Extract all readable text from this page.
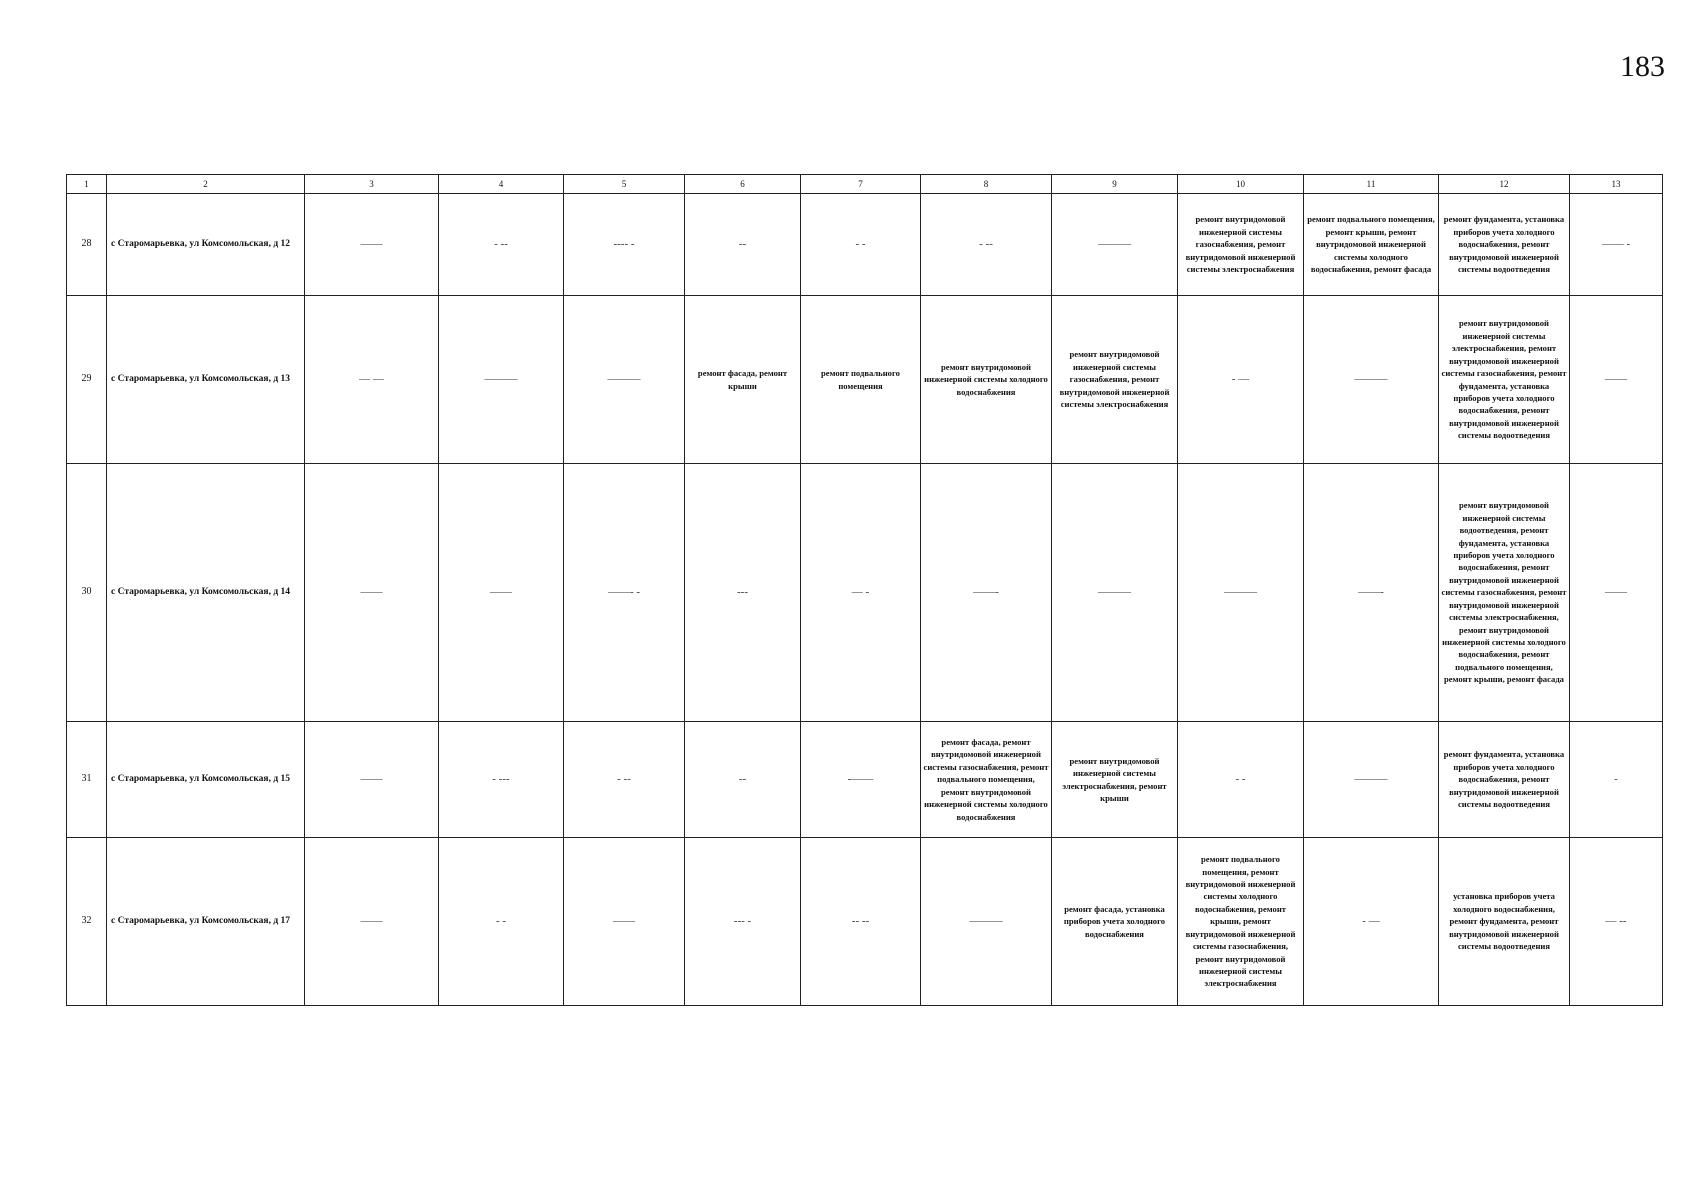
183
1	2	3	4	5	6	7	8	9	10	11	12	13
28	с Старомарьевка, ул Комсомольская, д 12	——	- --	---- -	--	- -	- --	———	ремонт внутридомовой инженерной системы газоснабжения, ремонт внутридомовой инженерной системы электроснабжения	ремонт подвального помещения, ремонт крыши, ремонт внутридомовой инженерной системы холодного водоснабжения, ремонт фасада	ремонт фундамента, установка приборов учета холодного водоснабжения, ремонт внутридомовой инженерной системы водоотведения	—— -
29	с Старомарьевка, ул Комсомольская, д 13	— —	———	———	ремонт фасада, ремонт крыши	ремонт подвального помещения	ремонт внутридомовой инженерной системы холодного водоснабжения	ремонт внутридомовой инженерной системы газоснабжения, ремонт внутридомовой инженерной системы электроснабжения	- —	———	ремонт внутридомовой инженерной системы электроснабжения, ремонт внутридомовой инженерной системы газоснабжения, ремонт фундамента, установка приборов учета холодного водоснабжения, ремонт внутридомовой инженерной системы водоотведения	——
30	с Старомарьевка, ул Комсомольская, д 14	——	——	——- -	---	— -	——-	———	———	——-	ремонт внутридомовой инженерной системы водоотведения, ремонт фундамента, установка приборов учета холодного водоснабжения, ремонт внутридомовой инженерной системы газоснабжения, ремонт внутридомовой инженерной системы электроснабжения, ремонт внутридомовой инженерной системы холодного водоснабжения, ремонт подвального помещения, ремонт крыши, ремонт фасада	——
31	с Старомарьевка, ул Комсомольская, д 15	——	- ---	- --	--	-——	ремонт фасада, ремонт внутридомовой инженерной системы газоснабжения, ремонт подвального помещения, ремонт внутридомовой инженерной системы холодного водоснабжения	ремонт внутридомовой инженерной системы электроснабжения, ремонт крыши	- -	———	ремонт фундамента, установка приборов учета холодного водоснабжения, ремонт внутридомовой инженерной системы водоотведения	-
32	с Старомарьевка, ул Комсомольская, д 17	——	- -	——	--- -	-- --	———	ремонт фасада, установка приборов учета холодного водоснабжения	ремонт подвального помещения, ремонт внутридомовой инженерной системы холодного водоснабжения, ремонт крыши, ремонт внутридомовой инженерной системы газоснабжения, ремонт внутридомовой инженерной системы электроснабжения	- —	установка приборов учета холодного водоснабжения, ремонт фундамента, ремонт внутридомовой инженерной системы водоотведения	— --
